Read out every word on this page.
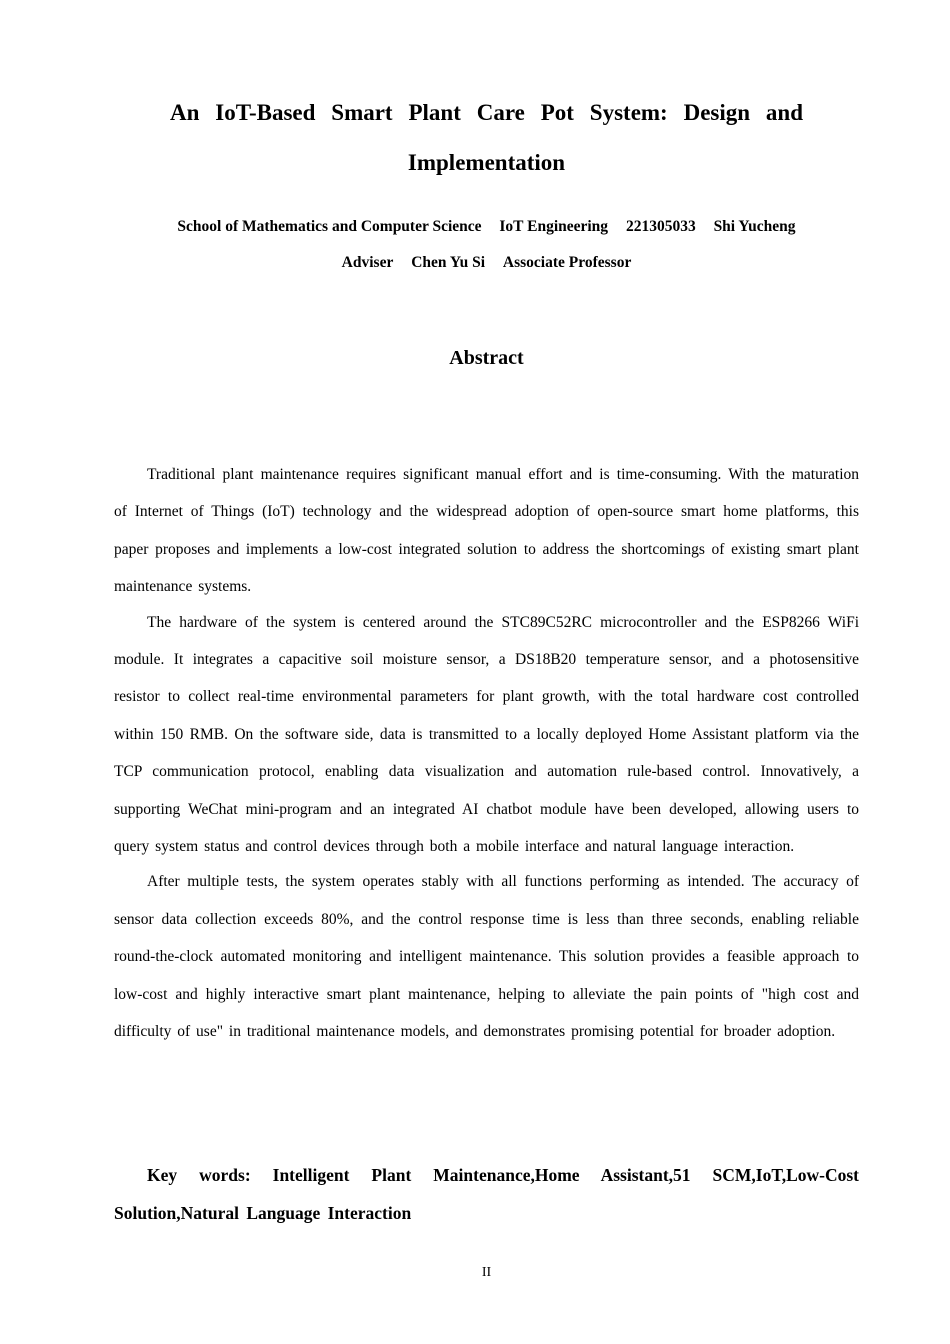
An IoT-Based Smart Plant Care Pot System: Design and
Implementation
School of Mathematics and Computer Science IoT Engineering 221305033 Shi Yucheng
Adviser Chen Yu Si Associate Professor
Abstract

Traditional plant maintenance requires significant manual effort and is time-consuming. With the maturation of Internet of Things (IoT) technology and the widespread adoption of open-source smart home platforms, this paper proposes and implements a low-cost integrated solution to address the shortcomings of existing smart plant maintenance systems.

The hardware of the system is centered around the STC89C52RC microcontroller and the ESP8266 WiFi module. It integrates a capacitive soil moisture sensor, a DS18B20 temperature sensor, and a photosensitive resistor to collect real-time environmental parameters for plant growth, with the total hardware cost controlled within 150 RMB. On the software side, data is transmitted to a locally deployed Home Assistant platform via the TCP communication protocol, enabling data visualization and automation rule-based control. Innovatively, a supporting WeChat mini-program and an integrated AI chatbot module have been developed, allowing users to query system status and control devices through both a mobile interface and natural language interaction.

After multiple tests, the system operates stably with all functions performing as intended. The accuracy of sensor data collection exceeds 80%, and the control response time is less than three seconds, enabling reliable round-the-clock automated monitoring and intelligent maintenance. This solution provides a feasible approach to low-cost and highly interactive smart plant maintenance, helping to alleviate the pain points of "high cost and difficulty of use" in traditional maintenance models, and demonstrates promising potential for broader adoption.

Key words: Intelligent Plant Maintenance,Home Assistant,51 SCM,IoT,Low-Cost Solution,Natural Language Interaction
II
